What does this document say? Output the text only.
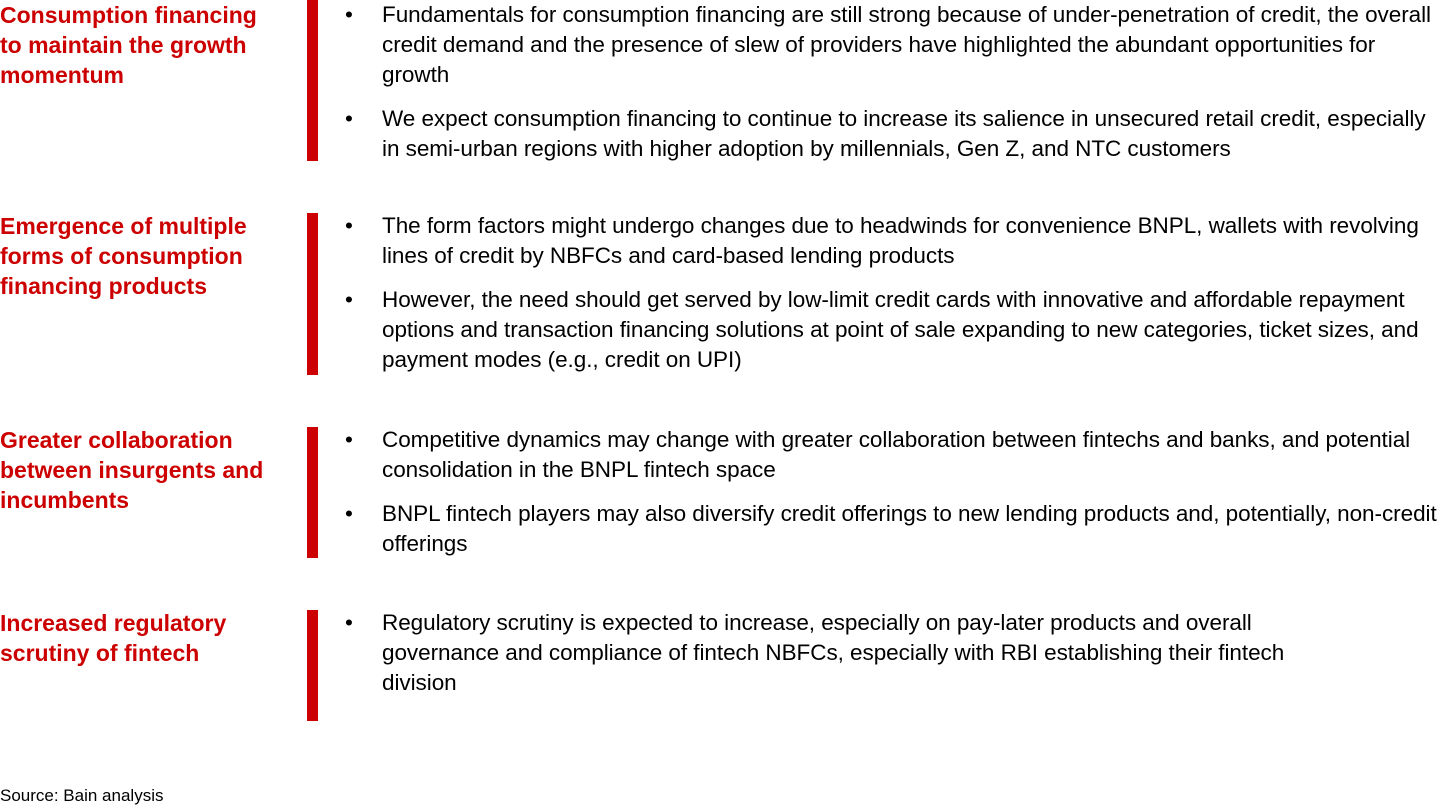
Consumption financing to maintain the growth momentum
• Fundamentals for consumption financing are still strong because of under-penetration of credit, the overall credit demand and the presence of slew of providers have highlighted the abundant opportunities for growth
• We expect consumption financing to continue to increase its salience in unsecured retail credit, especially in semi-urban regions with higher adoption by millennials, Gen Z, and NTC customers
Emergence of multiple forms of consumption financing products
• The form factors might undergo changes due to headwinds for convenience BNPL, wallets with revolving lines of credit by NBFCs and card-based lending products
• However, the need should get served by low-limit credit cards with innovative and affordable repayment options and transaction financing solutions at point of sale expanding to new categories, ticket sizes, and payment modes (e.g., credit on UPI)
Greater collaboration between insurgents and incumbents
• Competitive dynamics may change with greater collaboration between fintechs and banks, and potential consolidation in the BNPL fintech space
• BNPL fintech players may also diversify credit offerings to new lending products and, potentially, non-credit offerings
Increased regulatory scrutiny of fintech
• Regulatory scrutiny is expected to increase, especially on pay-later products and overall governance and compliance of fintech NBFCs, especially with RBI establishing their fintech division
Source: Bain analysis
